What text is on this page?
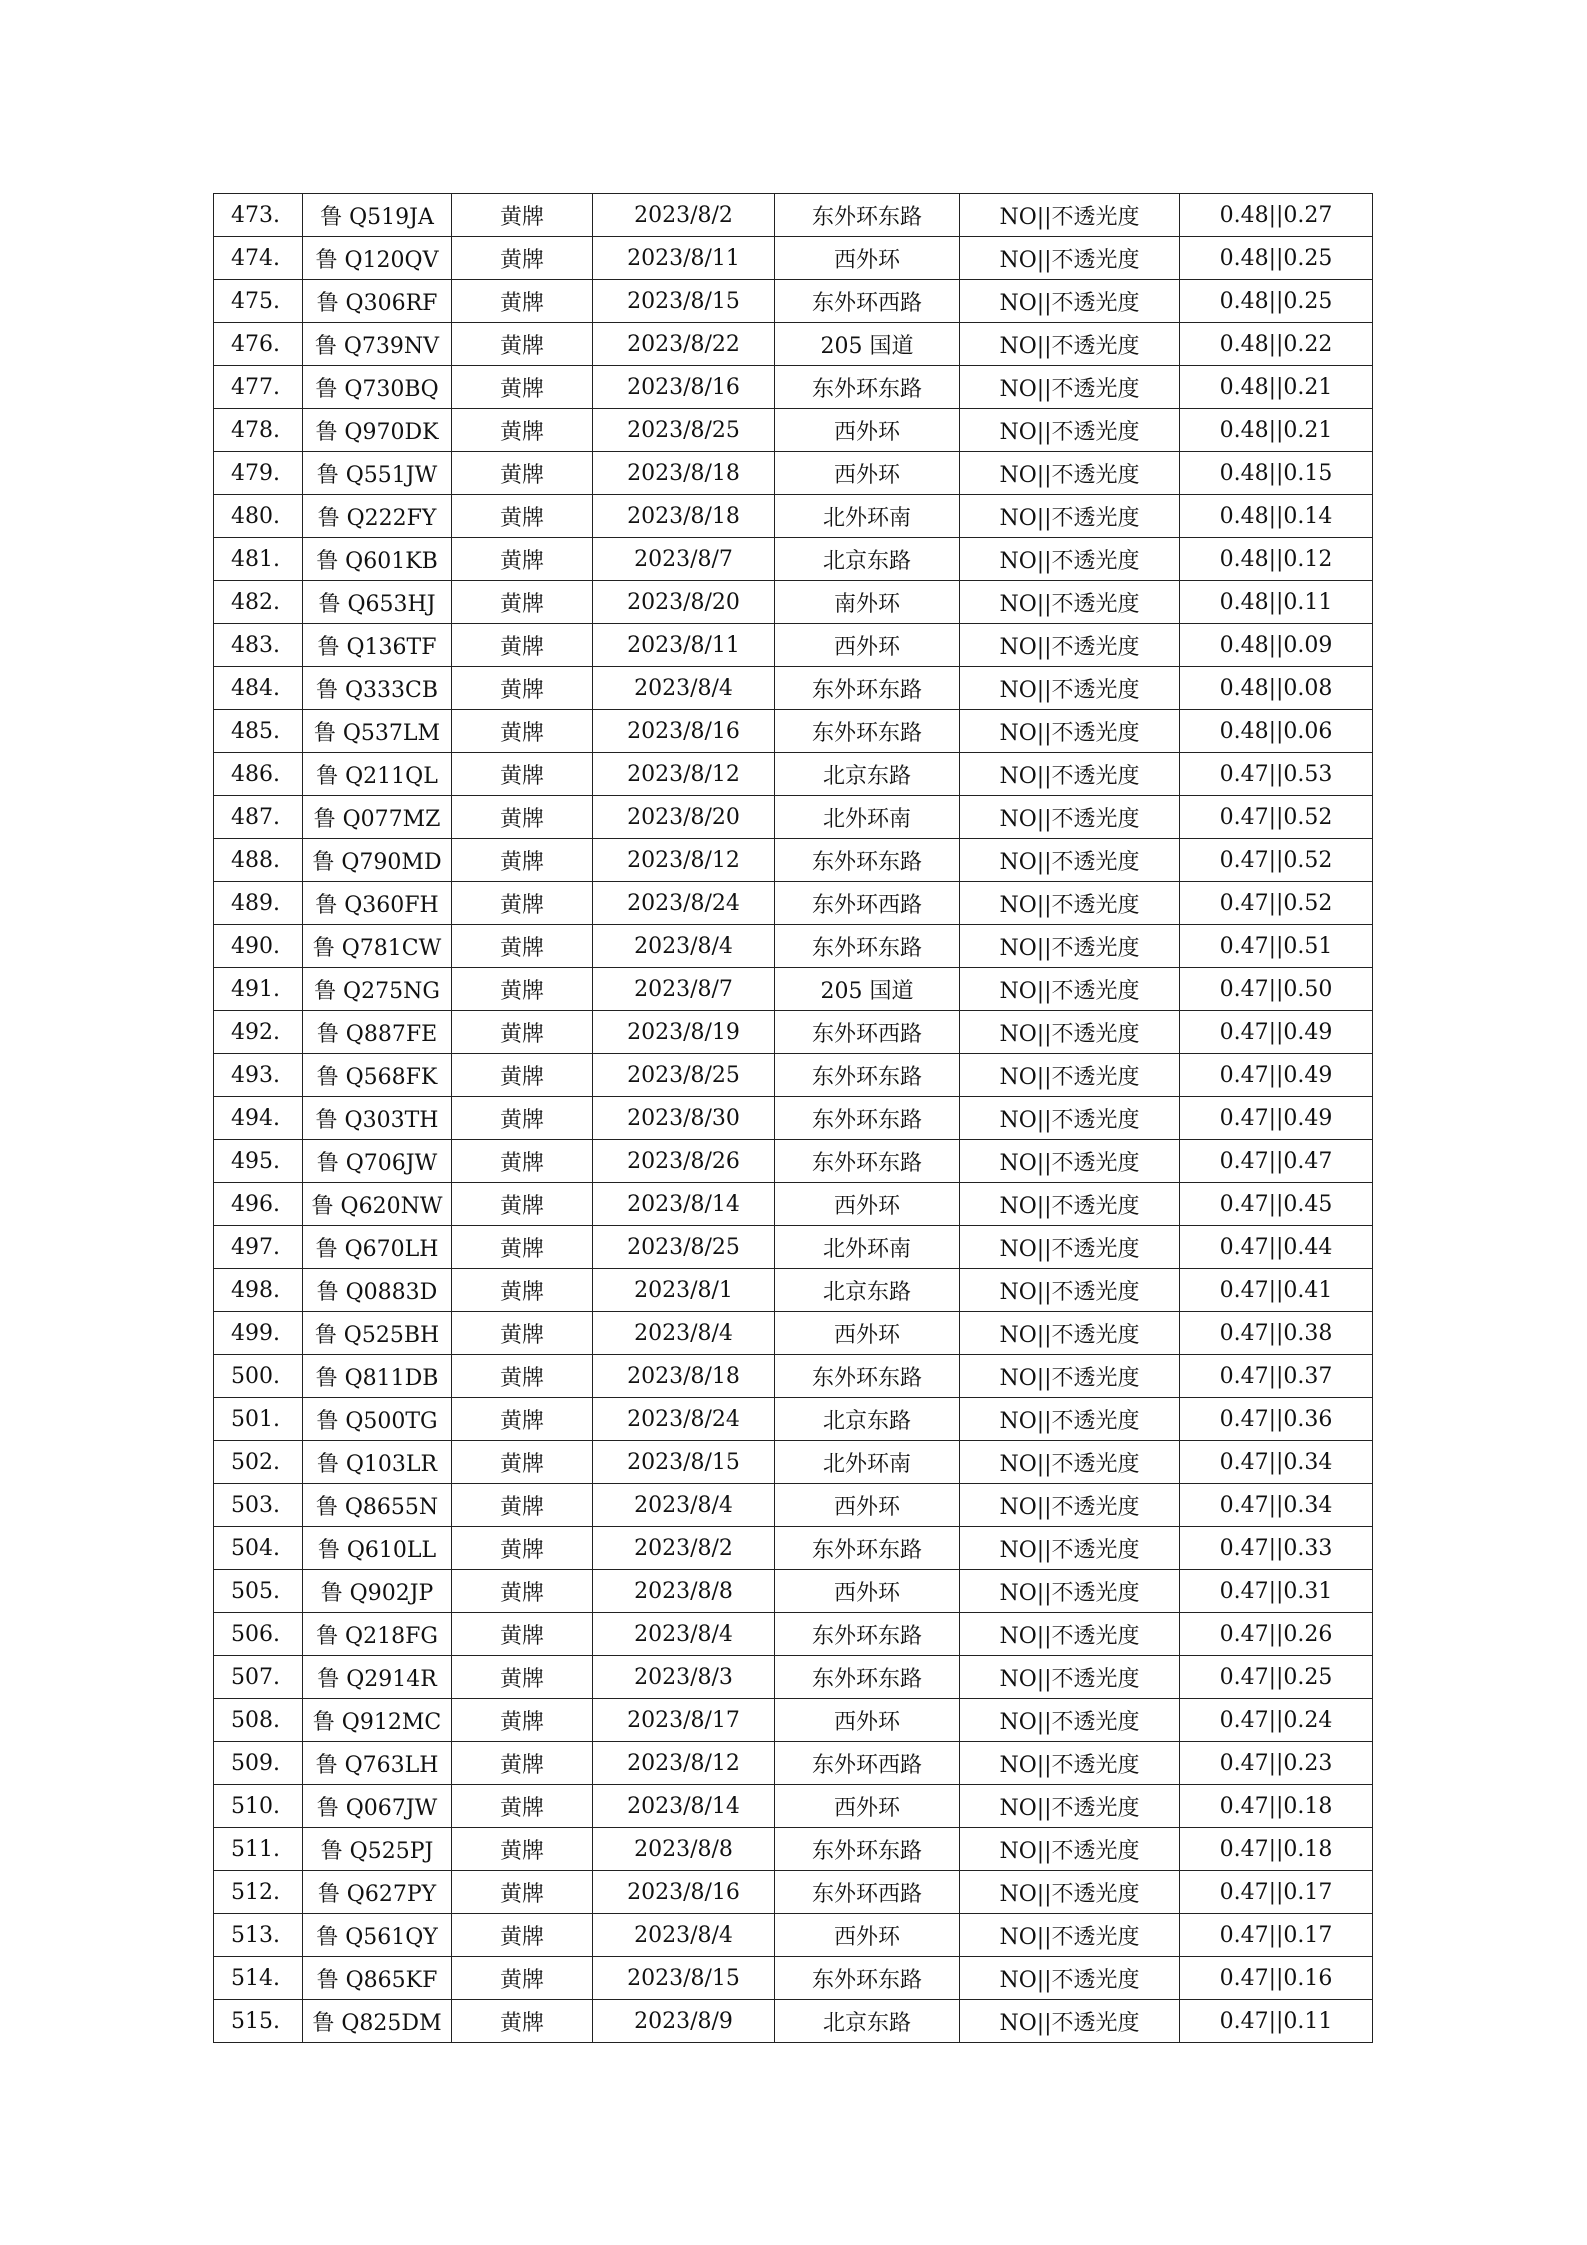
473.	鲁 Q519JA	黄牌	2023/8/2	东外环东路	NO||不透光度	0.48||0.27
474.	鲁 Q120QV	黄牌	2023/8/11	西外环	NO||不透光度	0.48||0.25
475.	鲁 Q306RF	黄牌	2023/8/15	东外环西路	NO||不透光度	0.48||0.25
476.	鲁 Q739NV	黄牌	2023/8/22	205 国道	NO||不透光度	0.48||0.22
477.	鲁 Q730BQ	黄牌	2023/8/16	东外环东路	NO||不透光度	0.48||0.21
478.	鲁 Q970DK	黄牌	2023/8/25	西外环	NO||不透光度	0.48||0.21
479.	鲁 Q551JW	黄牌	2023/8/18	西外环	NO||不透光度	0.48||0.15
480.	鲁 Q222FY	黄牌	2023/8/18	北外环南	NO||不透光度	0.48||0.14
481.	鲁 Q601KB	黄牌	2023/8/7	北京东路	NO||不透光度	0.48||0.12
482.	鲁 Q653HJ	黄牌	2023/8/20	南外环	NO||不透光度	0.48||0.11
483.	鲁 Q136TF	黄牌	2023/8/11	西外环	NO||不透光度	0.48||0.09
484.	鲁 Q333CB	黄牌	2023/8/4	东外环东路	NO||不透光度	0.48||0.08
485.	鲁 Q537LM	黄牌	2023/8/16	东外环东路	NO||不透光度	0.48||0.06
486.	鲁 Q211QL	黄牌	2023/8/12	北京东路	NO||不透光度	0.47||0.53
487.	鲁 Q077MZ	黄牌	2023/8/20	北外环南	NO||不透光度	0.47||0.52
488.	鲁 Q790MD	黄牌	2023/8/12	东外环东路	NO||不透光度	0.47||0.52
489.	鲁 Q360FH	黄牌	2023/8/24	东外环西路	NO||不透光度	0.47||0.52
490.	鲁 Q781CW	黄牌	2023/8/4	东外环东路	NO||不透光度	0.47||0.51
491.	鲁 Q275NG	黄牌	2023/8/7	205 国道	NO||不透光度	0.47||0.50
492.	鲁 Q887FE	黄牌	2023/8/19	东外环西路	NO||不透光度	0.47||0.49
493.	鲁 Q568FK	黄牌	2023/8/25	东外环东路	NO||不透光度	0.47||0.49
494.	鲁 Q303TH	黄牌	2023/8/30	东外环东路	NO||不透光度	0.47||0.49
495.	鲁 Q706JW	黄牌	2023/8/26	东外环东路	NO||不透光度	0.47||0.47
496.	鲁 Q620NW	黄牌	2023/8/14	西外环	NO||不透光度	0.47||0.45
497.	鲁 Q670LH	黄牌	2023/8/25	北外环南	NO||不透光度	0.47||0.44
498.	鲁 Q0883D	黄牌	2023/8/1	北京东路	NO||不透光度	0.47||0.41
499.	鲁 Q525BH	黄牌	2023/8/4	西外环	NO||不透光度	0.47||0.38
500.	鲁 Q811DB	黄牌	2023/8/18	东外环东路	NO||不透光度	0.47||0.37
501.	鲁 Q500TG	黄牌	2023/8/24	北京东路	NO||不透光度	0.47||0.36
502.	鲁 Q103LR	黄牌	2023/8/15	北外环南	NO||不透光度	0.47||0.34
503.	鲁 Q8655N	黄牌	2023/8/4	西外环	NO||不透光度	0.47||0.34
504.	鲁 Q610LL	黄牌	2023/8/2	东外环东路	NO||不透光度	0.47||0.33
505.	鲁 Q902JP	黄牌	2023/8/8	西外环	NO||不透光度	0.47||0.31
506.	鲁 Q218FG	黄牌	2023/8/4	东外环东路	NO||不透光度	0.47||0.26
507.	鲁 Q2914R	黄牌	2023/8/3	东外环东路	NO||不透光度	0.47||0.25
508.	鲁 Q912MC	黄牌	2023/8/17	西外环	NO||不透光度	0.47||0.24
509.	鲁 Q763LH	黄牌	2023/8/12	东外环西路	NO||不透光度	0.47||0.23
510.	鲁 Q067JW	黄牌	2023/8/14	西外环	NO||不透光度	0.47||0.18
511.	鲁 Q525PJ	黄牌	2023/8/8	东外环东路	NO||不透光度	0.47||0.18
512.	鲁 Q627PY	黄牌	2023/8/16	东外环西路	NO||不透光度	0.47||0.17
513.	鲁 Q561QY	黄牌	2023/8/4	西外环	NO||不透光度	0.47||0.17
514.	鲁 Q865KF	黄牌	2023/8/15	东外环东路	NO||不透光度	0.47||0.16
515.	鲁 Q825DM	黄牌	2023/8/9	北京东路	NO||不透光度	0.47||0.11
